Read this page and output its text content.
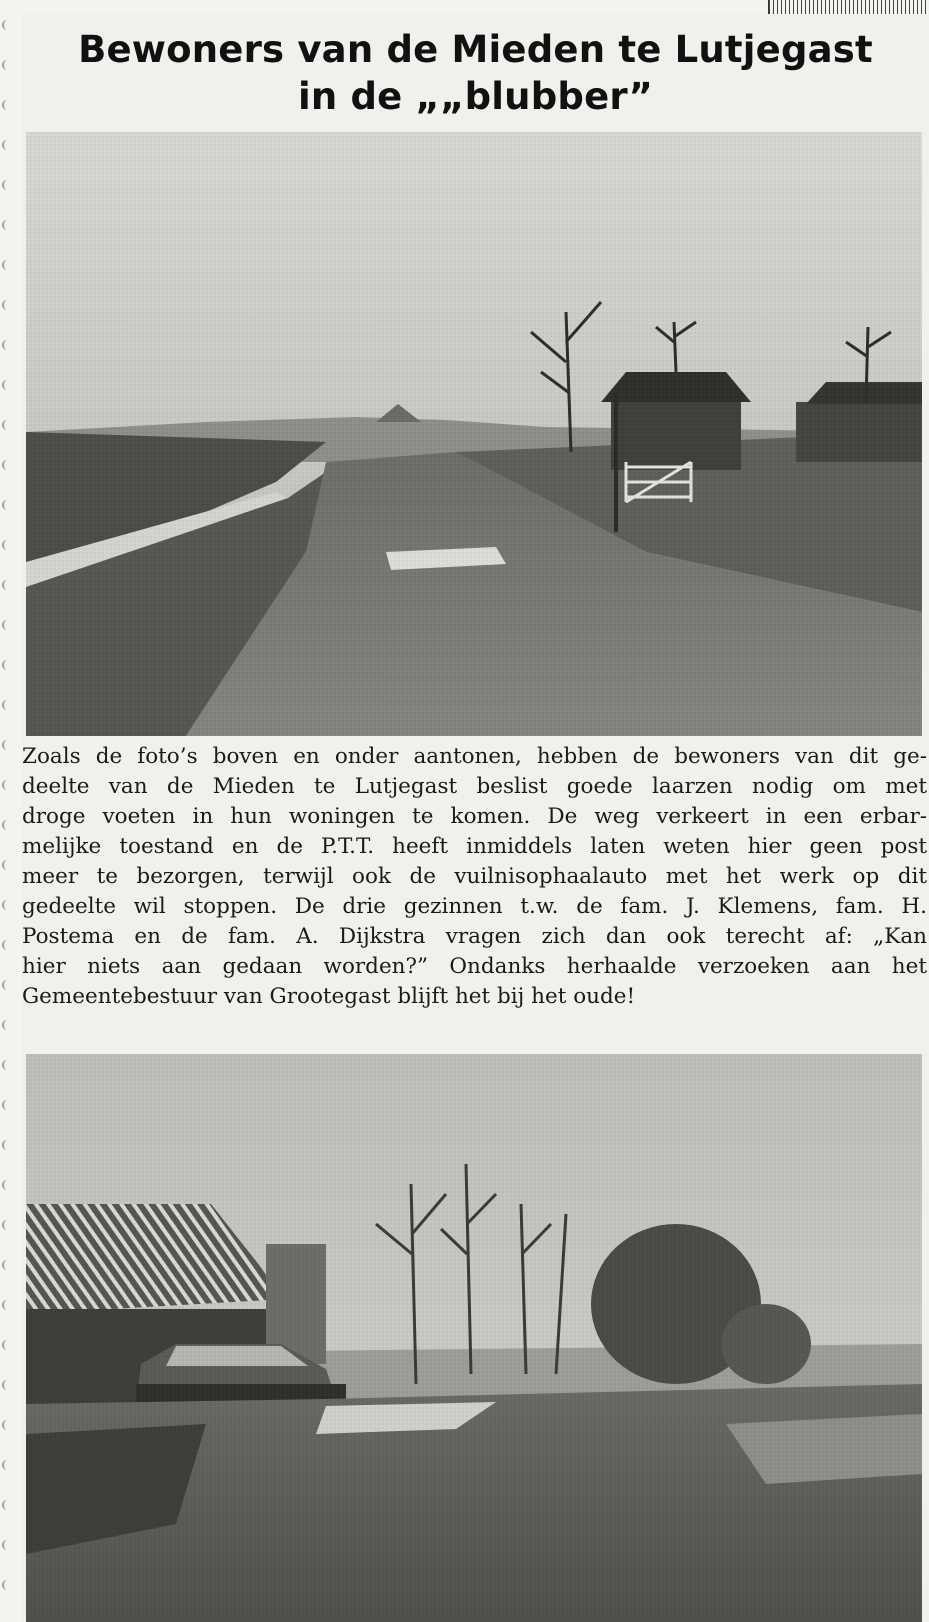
Bewoners van de Mieden te Lutjegast
in de „„blubber”
Zoals de foto’s boven en onder aantonen, hebben de bewoners van dit ge-
deelte van de Mieden te Lutjegast beslist goede laarzen nodig om met
droge voeten in hun woningen te komen. De weg verkeert in een erbar-
melijke toestand en de P.T.T. heeft inmiddels laten weten hier geen post
meer te bezorgen, terwijl ook de vuilnisophaalauto met het werk op dit
gedeelte wil stoppen. De drie gezinnen t.w. de fam. J. Klemens, fam. H.
Postema en de fam. A. Dijkstra vragen zich dan ook terecht af: „Kan
hier niets aan gedaan worden?” Ondanks herhaalde verzoeken aan het
Gemeentebestuur van Grootegast blijft het bij het oude!
